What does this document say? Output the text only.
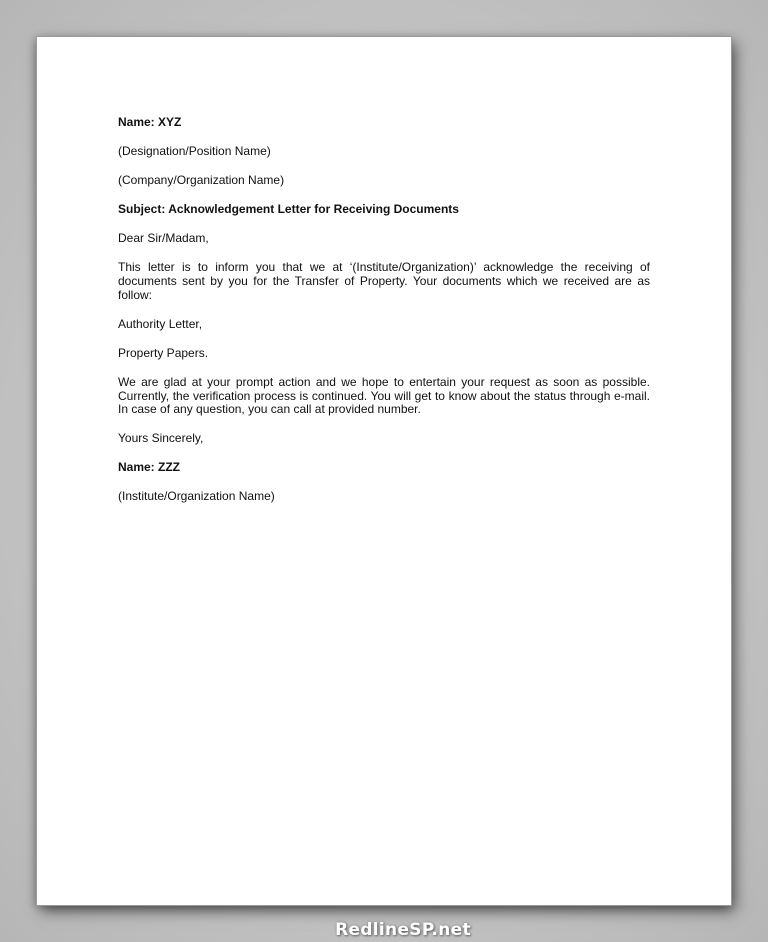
Name: XYZ

(Designation/Position Name)

(Company/Organization Name)

Subject: Acknowledgement Letter for Receiving Documents

Dear Sir/Madam,

This letter is to inform you that we at ‘(Institute/Organization)’ acknowledge the receiving of documents sent by you for the Transfer of Property. Your documents which we received are as follow:

Authority Letter,

Property Papers.

We are glad at your prompt action and we hope to entertain your request as soon as possible. Currently, the verification process is continued. You will get to know about the status through e-mail. In case of any question, you can call at provided number.

Yours Sincerely,

Name: ZZZ

(Institute/Organization Name)

RedlineSP.net
